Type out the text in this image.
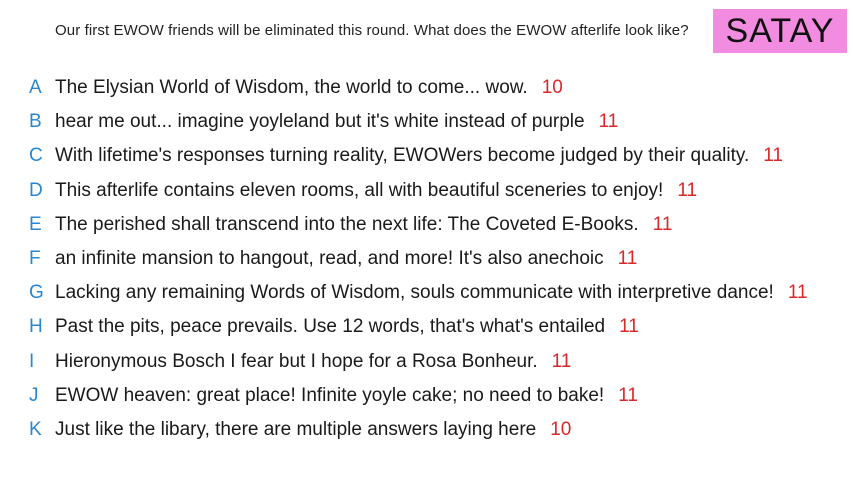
Our first EWOW friends will be eliminated this round. What does the EWOW afterlife look like? SATAY
A The Elysian World of Wisdom, the world to come... wow. 10
B hear me out... imagine yoyleland but it's white instead of purple 11
C With lifetime's responses turning reality, EWOWers become judged by their quality. 11
D This afterlife contains eleven rooms, all with beautiful sceneries to enjoy! 11
E The perished shall transcend into the next life: The Coveted E-Books. 11
F an infinite mansion to hangout, read, and more! It's also anechoic 11
G Lacking any remaining Words of Wisdom, souls communicate with interpretive dance! 11
H Past the pits, peace prevails. Use 12 words, that's what's entailed 11
I Hieronymous Bosch I fear but I hope for a Rosa Bonheur. 11
J EWOW heaven: great place! Infinite yoyle cake; no need to bake! 11
K Just like the libary, there are multiple answers laying here 10
